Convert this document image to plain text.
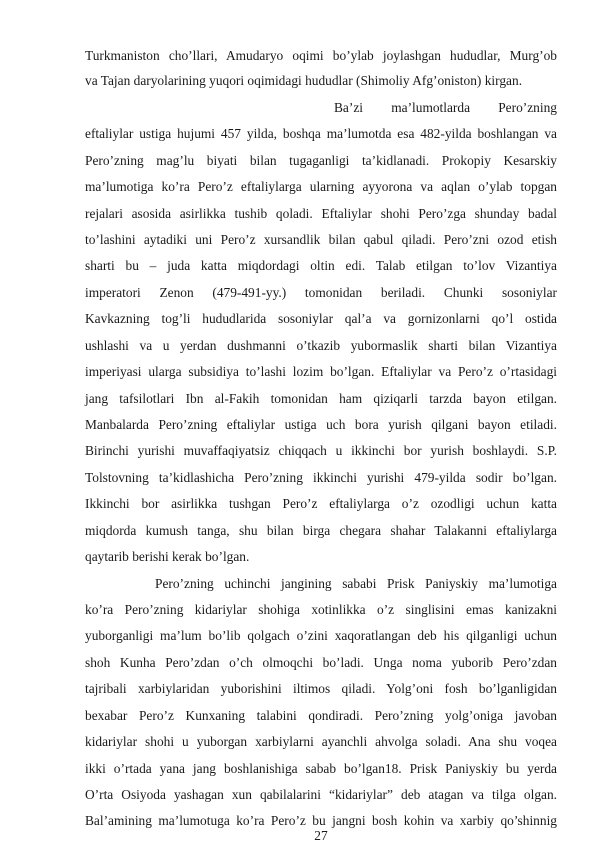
Turkmaniston cho’llari, Amudaryo oqimi bo’ylab joylashgan hududlar, Murg’ob
va Tajan daryolarining yuqori oqimidagi hududlar (Shimoliy Afg’oniston) kirgan.
Ba’zi ma’lumotlarda Pero’zning
eftaliylar ustiga hujumi 457 yilda, boshqa ma’lumotda esa 482-yilda boshlangan va
Pero’zning mag’lu biyati bilan tugaganligi ta’kidlanadi. Prokopiy Kesarskiy
ma’lumotiga ko’ra Pero’z eftaliylarga ularning ayyorona va aqlan o’ylab topgan
rejalari asosida asirlikka tushib qoladi. Eftaliylar shohi Pero’zga shunday badal
to’lashini aytadiki uni Pero’z xursandlik bilan qabul qiladi. Pero’zni ozod etish
sharti bu – juda katta miqdordagi oltin edi. Talab etilgan to’lov Vizantiya
imperatori Zenon (479-491-yy.) tomonidan beriladi. Chunki sosoniylar
Kavkazning tog’li hududlarida sosoniylar qal’a va gornizonlarni qo’l ostida
ushlashi va u yerdan dushmanni o’tkazib yubormaslik sharti bilan Vizantiya
imperiyasi ularga subsidiya to’lashi lozim bo’lgan. Eftaliylar va Pero’z o’rtasidagi
jang tafsilotlari Ibn al-Fakih tomonidan ham qiziqarli tarzda bayon etilgan.
Manbalarda Pero’zning eftaliylar ustiga uch bora yurish qilgani bayon etiladi.
Birinchi yurishi muvaffaqiyatsiz chiqqach u ikkinchi bor yurish boshlaydi. S.P.
Tolstovning ta’kidlashicha Pero’zning ikkinchi yurishi 479-yilda sodir bo’lgan.
Ikkinchi bor asirlikka tushgan Pero’z eftaliylarga o’z ozodligi uchun katta
miqdorda kumush tanga, shu bilan birga chegara shahar Talakanni eftaliylarga
qaytarib berishi kerak bo’lgan.
Pero’zning uchinchi jangining sababi Prisk Paniyskiy ma’lumotiga
ko’ra Pero’zning kidariylar shohiga xotinlikka o’z singlisini emas kanizakni
yuborganligi ma’lum bo’lib qolgach o’zini xaqoratlangan deb his qilganligi uchun
shoh Kunha Pero’zdan o’ch olmoqchi bo’ladi. Unga noma yuborib Pero’zdan
tajribali xarbiylaridan yuborishini iltimos qiladi. Yolg’oni fosh bo’lganligidan
bexabar Pero’z Kunxaning talabini qondiradi. Pero’zning yolg’oniga javoban
kidariylar shohi u yuborgan xarbiylarni ayanchli ahvolga soladi. Ana shu voqea
ikki o’rtada yana jang boshlanishiga sabab bo’lgan18. Prisk Paniyskiy bu yerda
O’rta Osiyoda yashagan xun qabilalarini “kidariylar” deb atagan va tilga olgan.
Bal’amining ma’lumotuga ko’ra Pero’z bu jangni bosh kohin va xarbiy qo’shinnig
27
